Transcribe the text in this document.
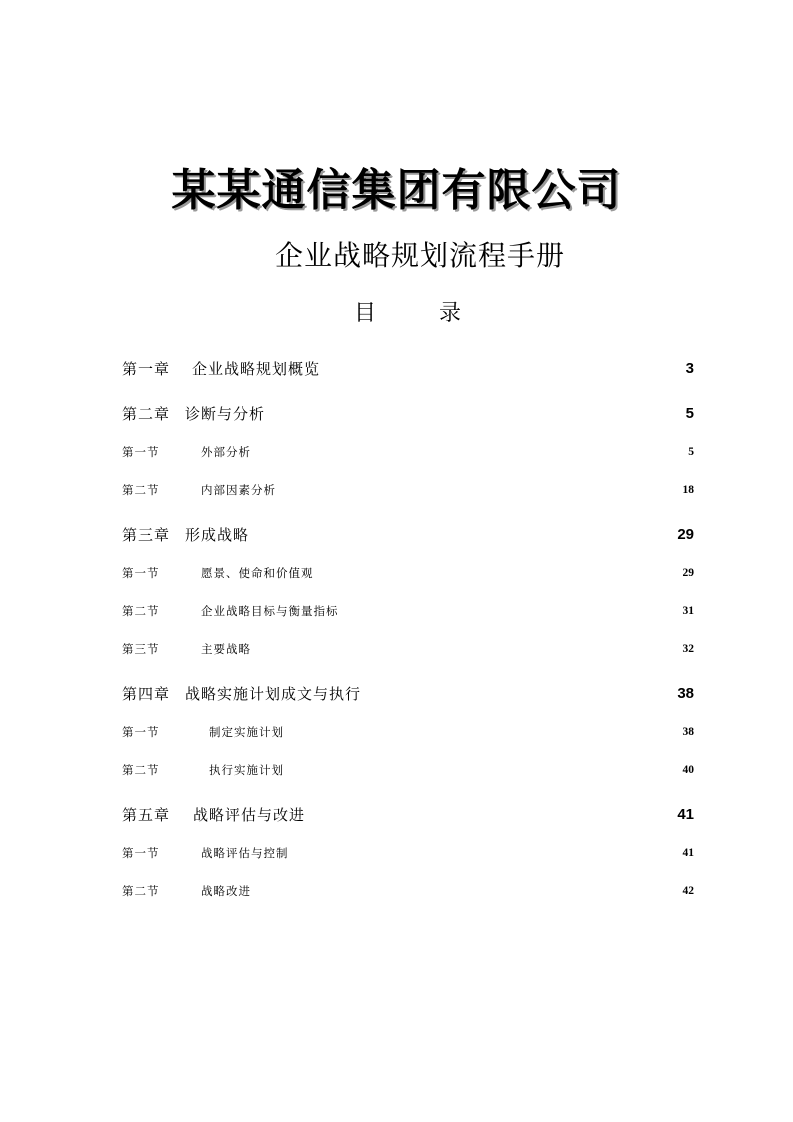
某某通信集团有限公司
企业战略规划流程手册
目 录
第一章 企业战略规划概览	3
第二章 诊断与分析	5
第一节	外部分析	5
第二节	内部因素分析	18
第三章 形成战略	29
第一节	愿景、使命和价值观	29
第二节	企业战略目标与衡量指标	31
第三节	主要战略	32
第四章 战略实施计划成文与执行	38
第一节	制定实施计划	38
第二节	执行实施计划	40
第五章 战略评估与改进	41
第一节	战略评估与控制	41
第二节	战略改进	42
